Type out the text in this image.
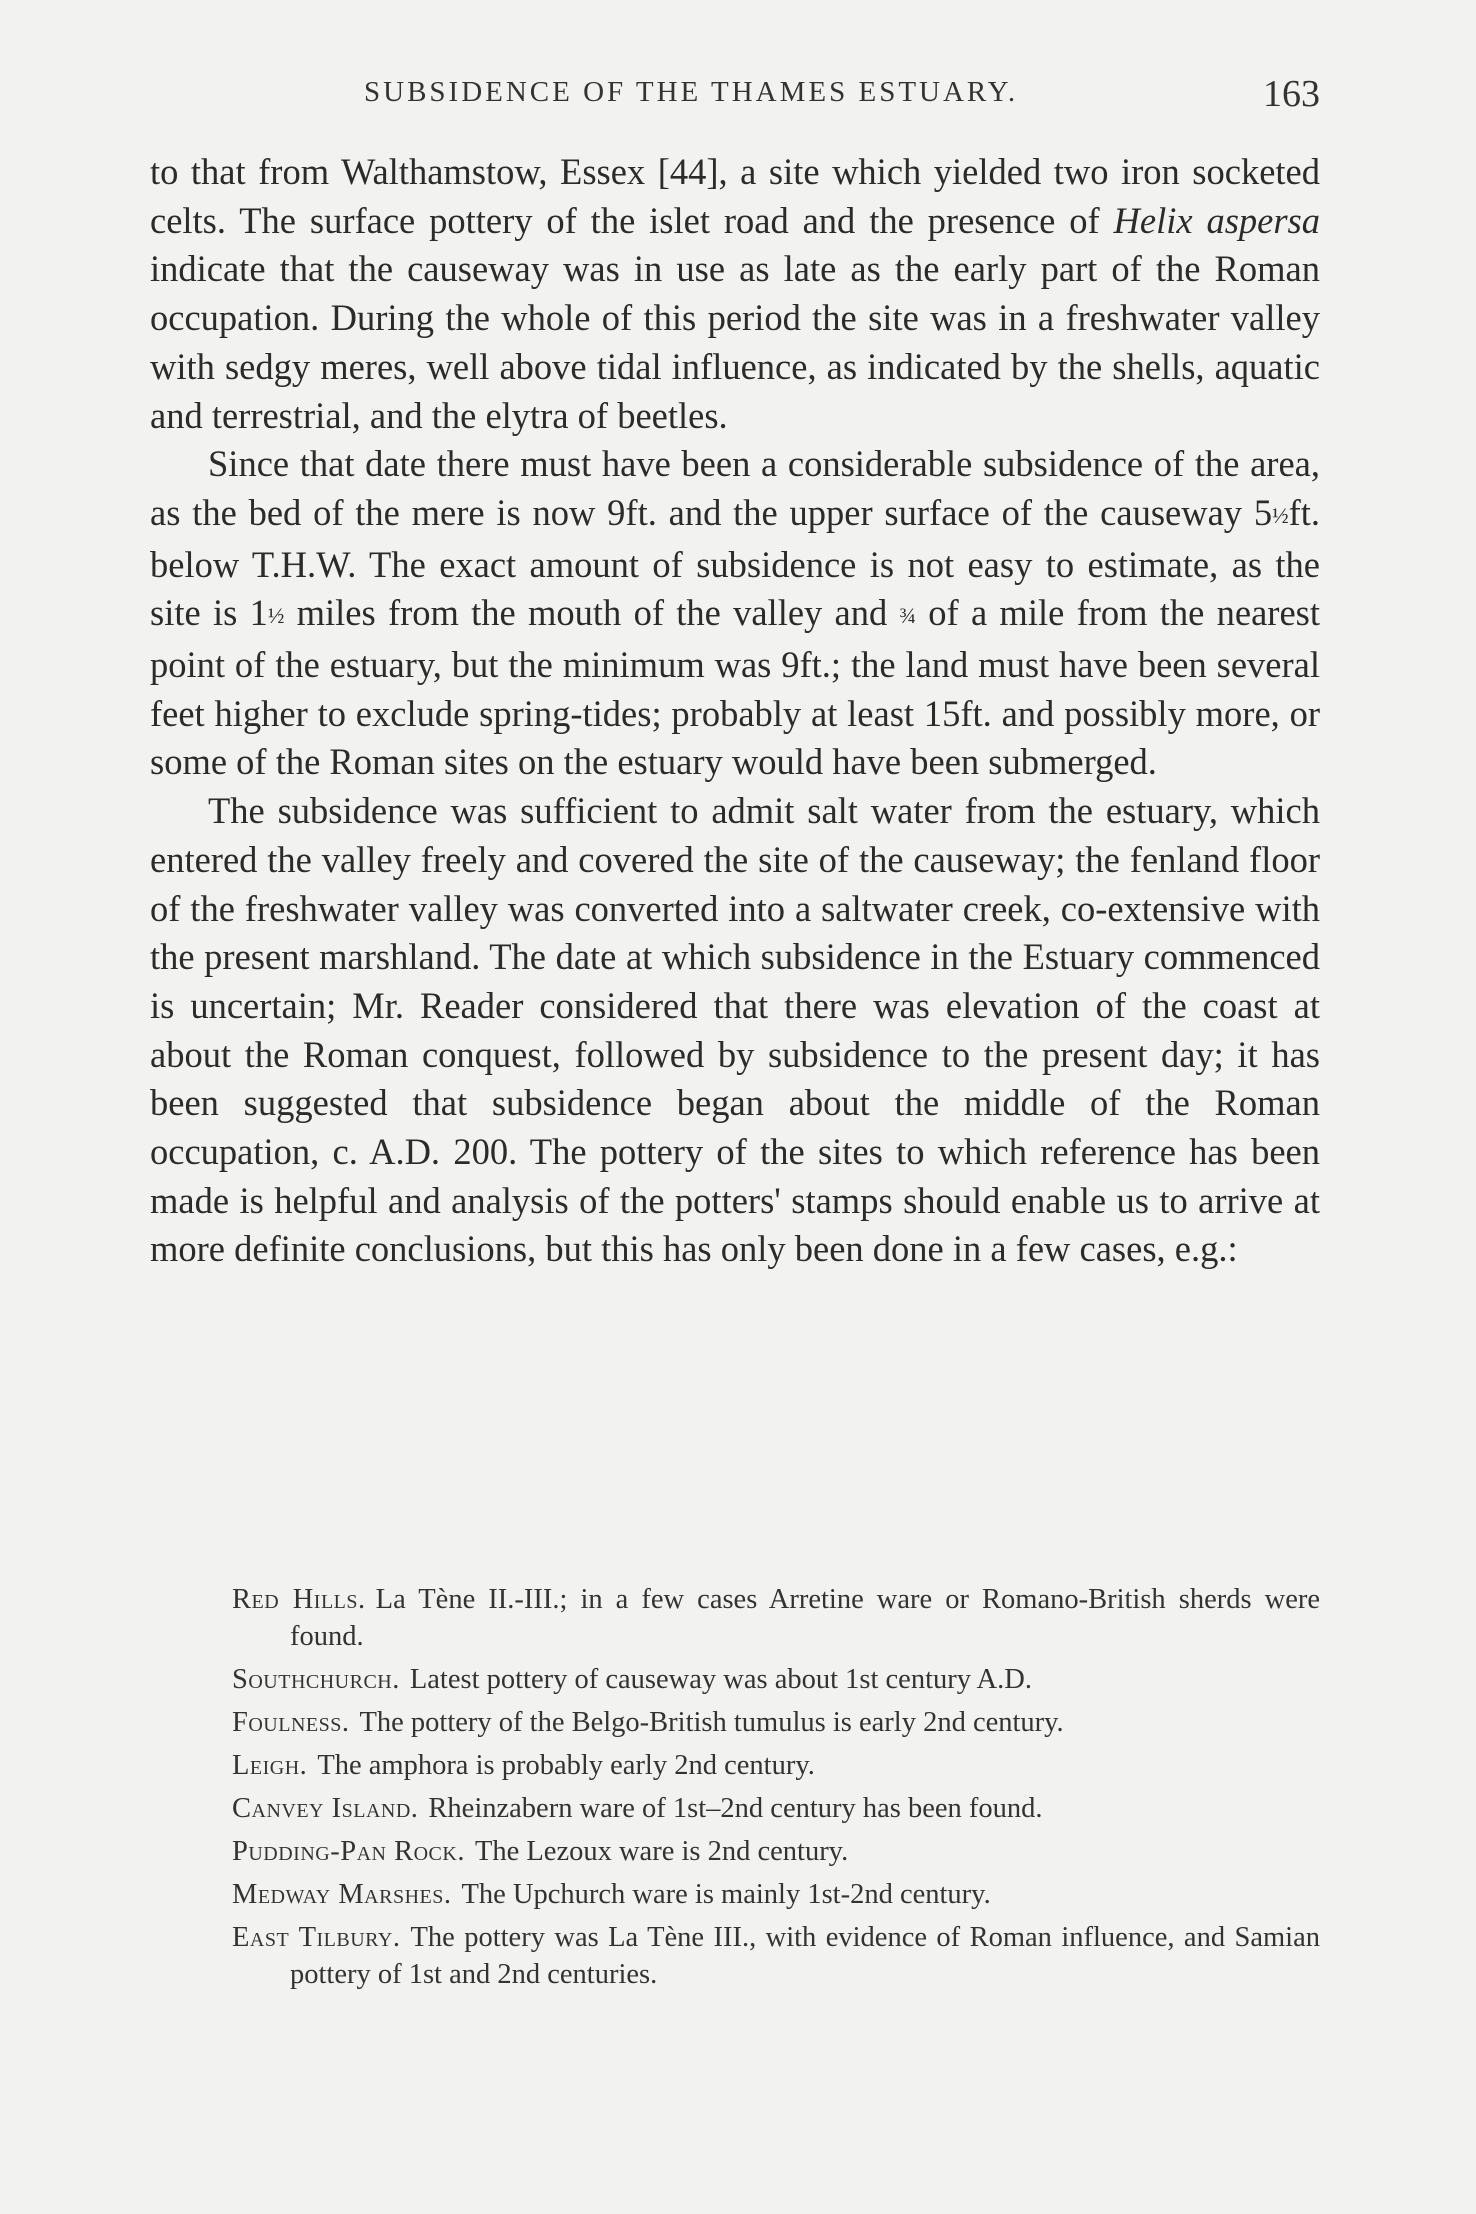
SUBSIDENCE OF THE THAMES ESTUARY.	163

to that from Walthamstow, Essex [44], a site which yielded two iron socketed celts. The surface pottery of the islet road and the presence of Helix aspersa indicate that the causeway was in use as late as the early part of the Roman occupation. During the whole of this period the site was in a freshwater valley with sedgy meres, well above tidal influence, as indicated by the shells, aquatic and terrestrial, and the elytra of beetles.

Since that date there must have been a considerable subsidence of the area, as the bed of the mere is now 9ft. and the upper surface of the causeway 5½ft. below T.H.W. The exact amount of subsidence is not easy to estimate, as the site is 1½ miles from the mouth of the valley and ¾ of a mile from the nearest point of the estuary, but the minimum was 9ft.; the land must have been several feet higher to exclude spring-tides; probably at least 15ft. and possibly more, or some of the Roman sites on the estuary would have been submerged.

The subsidence was sufficient to admit salt water from the estuary, which entered the valley freely and covered the site of the causeway; the fenland floor of the freshwater valley was converted into a saltwater creek, co-extensive with the present marshland. The date at which subsidence in the Estuary commenced is uncertain; Mr. Reader considered that there was elevation of the coast at about the Roman conquest, followed by subsidence to the present day; it has been suggested that subsidence began about the middle of the Roman occupation, c. A.D. 200. The pottery of the sites to which reference has been made is helpful and analysis of the potters' stamps should enable us to arrive at more definite conclusions, but this has only been done in a few cases, e.g.:

Red Hills. La Tène II.-III.; in a few cases Arretine ware or Romano-British sherds were found.

Southchurch. Latest pottery of causeway was about 1st century A.D.

Foulness. The pottery of the Belgo-British tumulus is early 2nd century.

Leigh. The amphora is probably early 2nd century.

Canvey Island. Rheinzabern ware of 1st–2nd century has been found.

Pudding-Pan Rock. The Lezoux ware is 2nd century.

Medway Marshes. The Upchurch ware is mainly 1st-2nd century.

East Tilbury. The pottery was La Tène III., with evidence of Roman influence, and Samian pottery of 1st and 2nd centuries.
